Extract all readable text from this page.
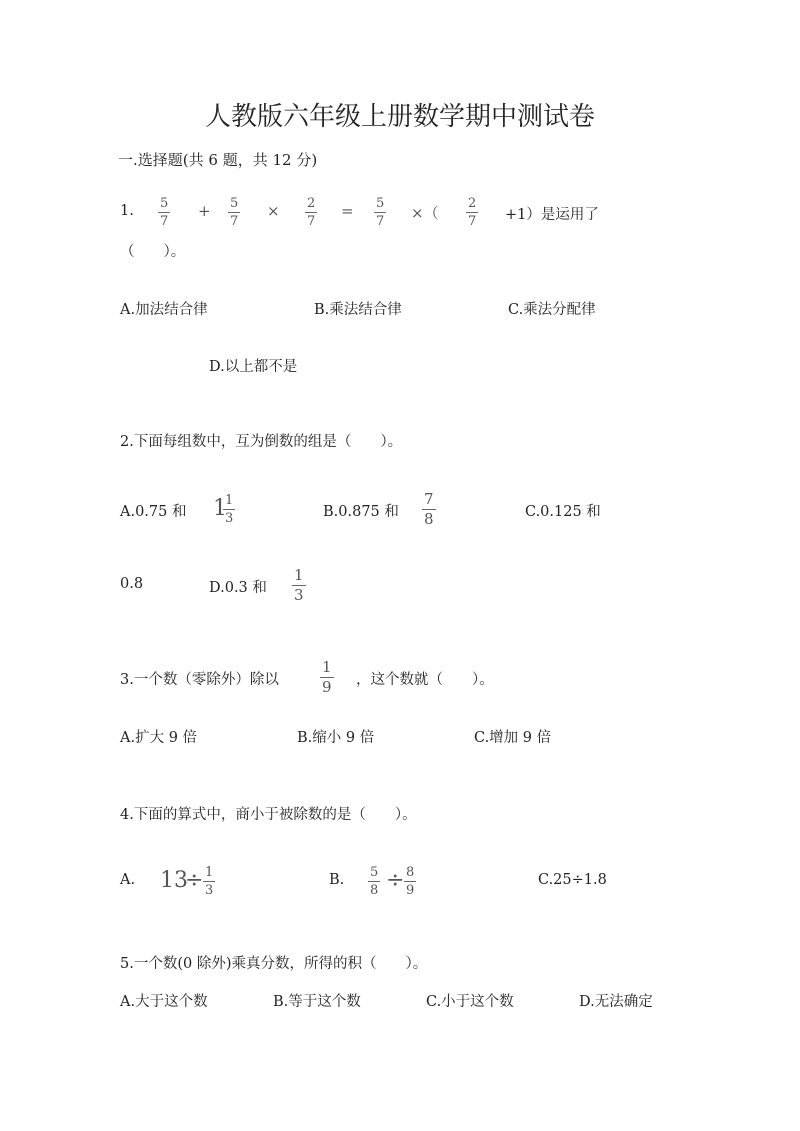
人教版六年级上册数学期中测试卷
一.选择题(共 6 题，共 12 分)
1. 5
7
+ 5
7
× 2
7
= 5
7 ×（
2
7 +1）是运用了
（　　）。
A.加法结合律	B.乘法结合律	C.乘法分配律
D.以上都不是
2.下面每组数中，互为倒数的组是（　　）。
A.0.75 和 1
1
3	B.0.875 和
7
8	C.0.125 和
0.8	D.0.3 和
1
3
3.一个数（零除外）除以
1
9 ，这个数就（　　）。
A.扩大 9 倍	B.缩小 9 倍	C.增加 9 倍
4.下面的算式中，商小于被除数的是（　　）。
A. 13
÷ 1
3
B. 5
8 ÷ 8
9
C.25÷1.8
5.一个数(0 除外)乘真分数，所得的积（　　）。
A.大于这个数	B.等于这个数	C.小于这个数	D.无法确定
